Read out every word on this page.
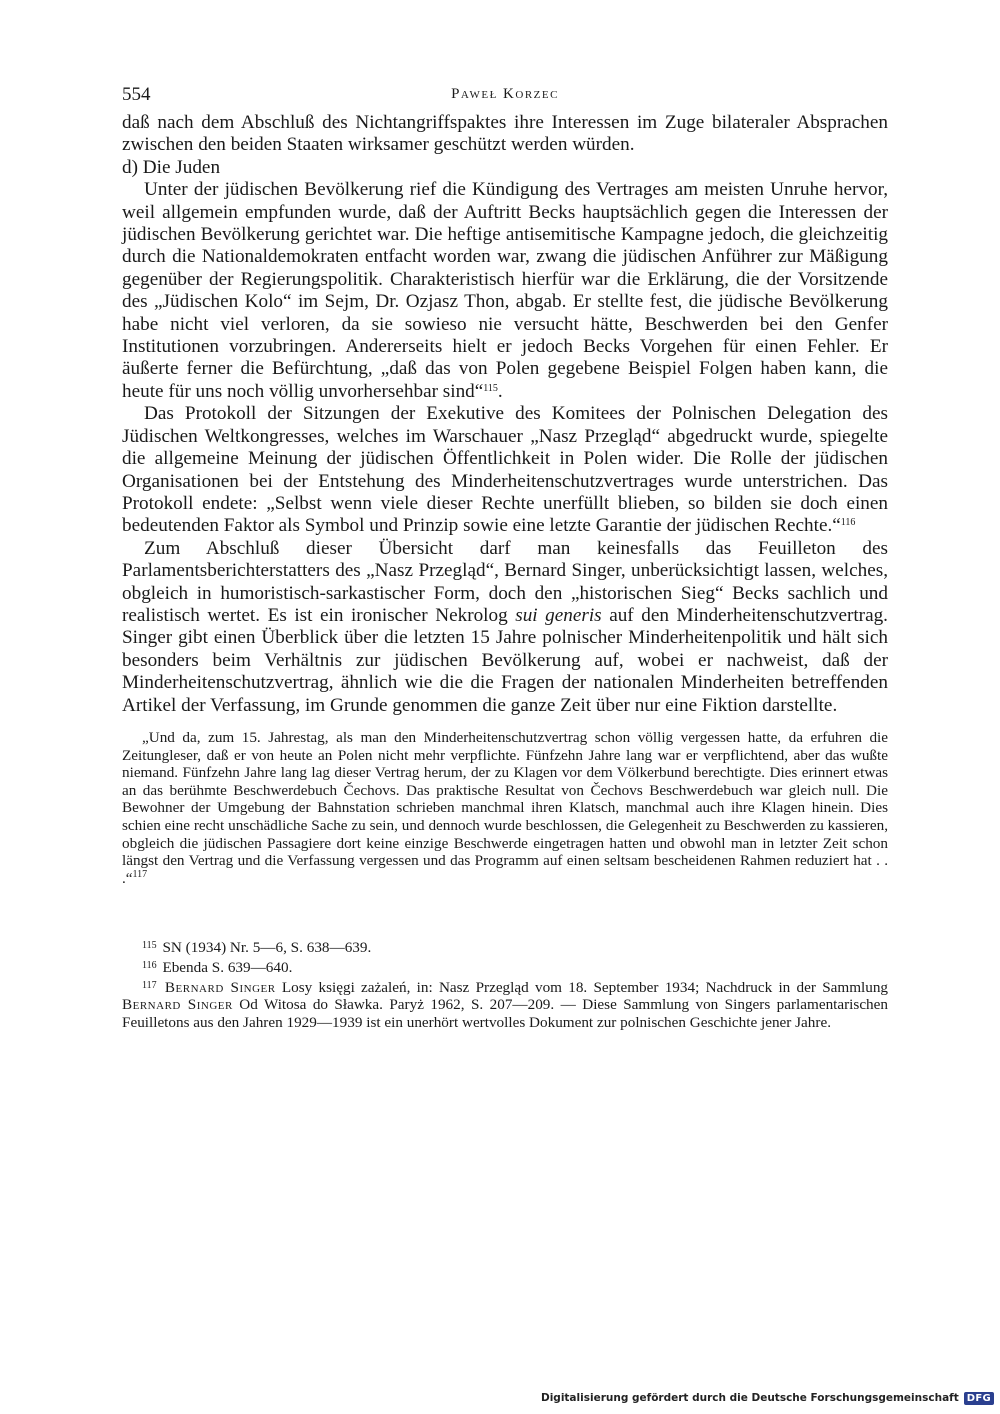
554	Paweł Korzec

daß nach dem Abschluß des Nichtangriffspaktes ihre Interessen im Zuge bilateraler Absprachen zwischen den beiden Staaten wirksamer geschützt werden würden.

d) Die Juden

Unter der jüdischen Bevölkerung rief die Kündigung des Vertrages am meisten Unruhe hervor, weil allgemein empfunden wurde, daß der Auftritt Becks hauptsächlich gegen die Interessen der jüdischen Bevölkerung gerichtet war. Die heftige antisemitische Kampagne jedoch, die gleichzeitig durch die Nationaldemokraten entfacht worden war, zwang die jüdischen Anführer zur Mäßigung gegenüber der Regierungspolitik. Charakteristisch hierfür war die Erklärung, die der Vorsitzende des „Jüdischen Kolo“ im Sejm, Dr. Ozjasz Thon, abgab. Er stellte fest, die jüdische Bevölkerung habe nicht viel verloren, da sie sowieso nie versucht hätte, Beschwerden bei den Genfer Institutionen vorzubringen. Andererseits hielt er jedoch Becks Vorgehen für einen Fehler. Er äußerte ferner die Befürchtung, „daß das von Polen gegebene Beispiel Folgen haben kann, die heute für uns noch völlig unvorhersehbar sind“$^{115}$.

Das Protokoll der Sitzungen der Exekutive des Komitees der Polnischen Delegation des Jüdischen Weltkongresses, welches im Warschauer „Nasz Przegląd“ abgedruckt wurde, spiegelte die allgemeine Meinung der jüdischen Öffentlichkeit in Polen wider. Die Rolle der jüdischen Organisationen bei der Entstehung des Minderheitenschutzvertrages wurde unterstrichen. Das Protokoll endete: „Selbst wenn viele dieser Rechte unerfüllt blieben, so bilden sie doch einen bedeutenden Faktor als Symbol und Prinzip sowie eine letzte Garantie der jüdischen Rechte.“$^{116}$

Zum Abschluß dieser Übersicht darf man keinesfalls das Feuilleton des Parlamentsberichterstatters des „Nasz Przegląd“, Bernard Singer, unberücksichtigt lassen, welches, obgleich in humoristisch-sarkastischer Form, doch den „historischen Sieg“ Becks sachlich und realistisch wertet. Es ist ein ironischer Nekrolog sui generis auf den Minderheitenschutzvertrag. Singer gibt einen Überblick über die letzten 15 Jahre polnischer Minderheitenpolitik und hält sich besonders beim Verhältnis zur jüdischen Bevölkerung auf, wobei er nachweist, daß der Minderheitenschutzvertrag, ähnlich wie die die Fragen der nationalen Minderheiten betreffenden Artikel der Verfassung, im Grunde genommen die ganze Zeit über nur eine Fiktion darstellte.

„Und da, zum 15. Jahrestag, als man den Minderheitenschutzvertrag schon völlig vergessen hatte, da erfuhren die Zeitungleser, daß er von heute an Polen nicht mehr verpflichte. Fünfzehn Jahre lang war er verpflichtend, aber das wußte niemand. Fünfzehn Jahre lang lag dieser Vertrag herum, der zu Klagen vor dem Völkerbund berechtigte. Dies erinnert etwas an das berühmte Beschwerdebuch Čechovs. Das praktische Resultat von Čechovs Beschwerdebuch war gleich null. Die Bewohner der Umgebung der Bahnstation schrieben manchmal ihren Klatsch, manchmal auch ihre Klagen hinein. Dies schien eine recht unschädliche Sache zu sein, und dennoch wurde beschlossen, die Gelegenheit zu Beschwerden zu kassieren, obgleich die jüdischen Passagiere dort keine einzige Beschwerde eingetragen hatten und obwohl man in letzter Zeit schon längst den Vertrag und die Verfassung vergessen und das Programm auf einen seltsam bescheidenen Rahmen reduziert hat . . .“$^{117}$

$^{115}$ SN (1934) Nr. 5—6, S. 638—639.

$^{116}$ Ebenda S. 639—640.

$^{117}$ Bernard Singer Losy księgi zażaleń, in: Nasz Przegląd vom 18. September 1934; Nachdruck in der Sammlung Bernard Singer Od Witosa do Sławka. Paryż 1962, S. 207—209. — Diese Sammlung von Singers parlamentarischen Feuilletons aus den Jahren 1929—1939 ist ein unerhört wertvolles Dokument zur polnischen Geschichte jener Jahre.

Digitalisierung gefördert durch die Deutsche Forschungsgemeinschaft DFG
